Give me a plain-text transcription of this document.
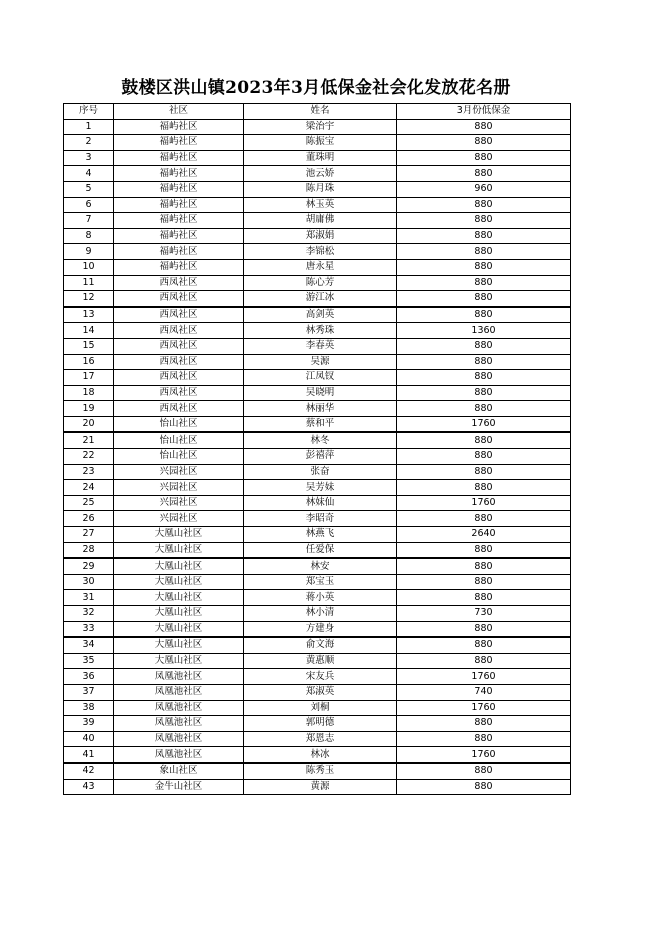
鼓楼区洪山镇2023年3月低保金社会化发放花名册
序号	社区	姓名	3月份低保金
1	福屿社区	梁治宇	880
2	福屿社区	陈振宝	880
3	福屿社区	董珠明	880
4	福屿社区	池云娇	880
5	福屿社区	陈月珠	960
6	福屿社区	林玉英	880
7	福屿社区	胡庸佛	880
8	福屿社区	郑淑娟	880
9	福屿社区	李锦松	880
10	福屿社区	唐永星	880
11	西凤社区	陈心芳	880
12	西凤社区	游江冰	880
13	西凤社区	高剑英	880
14	西凤社区	林秀珠	1360
15	西凤社区	李春英	880
16	西凤社区	吴源	880
17	西凤社区	江凤钗	880
18	西凤社区	吴晓明	880
19	西凤社区	林丽华	880
20	怡山社区	蔡和平	1760
21	怡山社区	林冬	880
22	怡山社区	彭禧萍	880
23	兴园社区	张奋	880
24	兴园社区	吴芳妹	880
25	兴园社区	林妹仙	1760
26	兴园社区	李昭奇	880
27	大凰山社区	林燕飞	2640
28	大凰山社区	任爱保	880
29	大凰山社区	林安	880
30	大凰山社区	郑宝玉	880
31	大凰山社区	蒋小英	880
32	大凰山社区	林小清	730
33	大凰山社区	方建身	880
34	大凰山社区	俞文海	880
35	大凰山社区	黄惠顺	880
36	凤凰池社区	宋友兵	1760
37	凤凰池社区	郑淑英	740
38	凤凰池社区	刘桐	1760
39	凤凰池社区	郭明德	880
40	凤凰池社区	郑恩志	880
41	凤凰池社区	林冰	1760
42	象山社区	陈秀玉	880
43	金牛山社区	黄源	880
